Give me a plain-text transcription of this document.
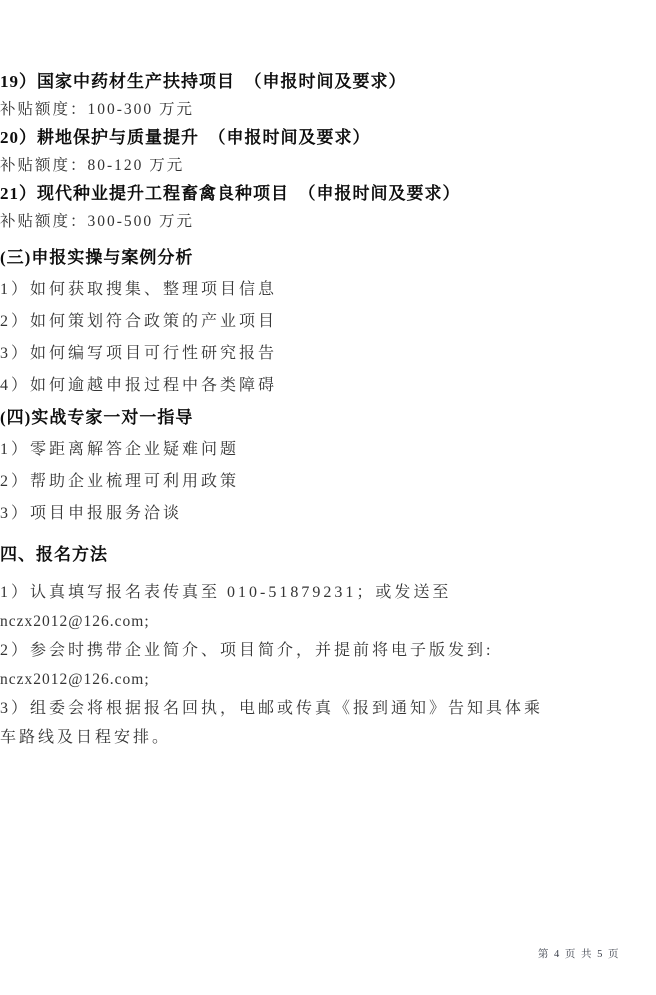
19）国家中药材生产扶持项目　（申报时间及要求）

补贴额度：100-300 万元

20）耕地保护与质量提升　（申报时间及要求）

补贴额度：80-120 万元

21）现代种业提升工程畜禽良种项目　（申报时间及要求）

补贴额度：300-500 万元

(三)申报实操与案例分析

1）如何获取搜集、整理项目信息

2）如何策划符合政策的产业项目

3）如何编写项目可行性研究报告

4）如何逾越申报过程中各类障碍

(四)实战专家一对一指导

1）零距离解答企业疑难问题

2）帮助企业梳理可利用政策

3）项目申报服务洽谈

四、报名方法

1）认真填写报名表传真至 010-51879231；或发送至

nczx2012@126.com;

2）参会时携带企业简介、项目简介，并提前将电子版发到:

nczx2012@126.com;

3）组委会将根据报名回执，电邮或传真《报到通知》告知具体乘

车路线及日程安排。

第 4 页 共 5 页
